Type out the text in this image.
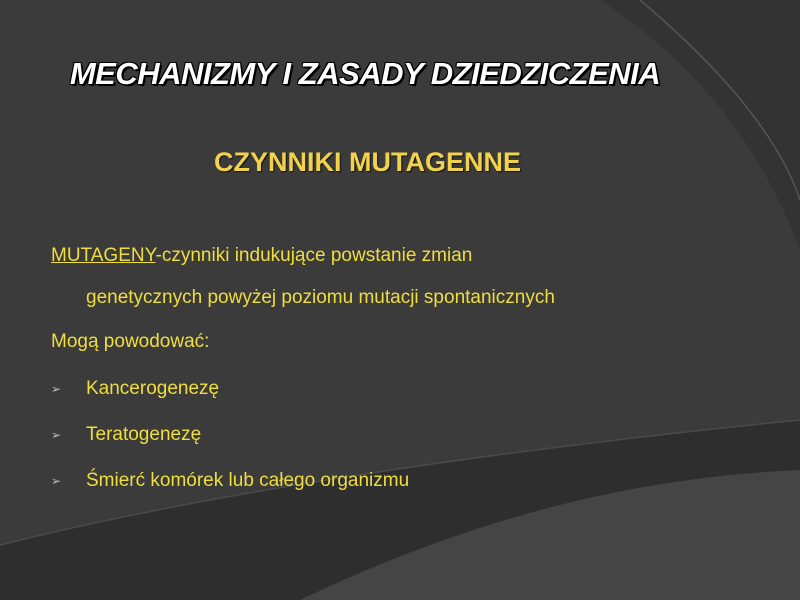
MECHANIZMY I ZASADY DZIEDZICZENIA
CZYNNIKI MUTAGENNE
MUTAGENY-czynniki indukujące powstanie zmian
genetycznych powyżej poziomu mutacji spontanicznych
Mogą powodować:
➢	Kancerogenezę
➢	Teratogenezę
➢	Śmierć komórek lub całego organizmu
